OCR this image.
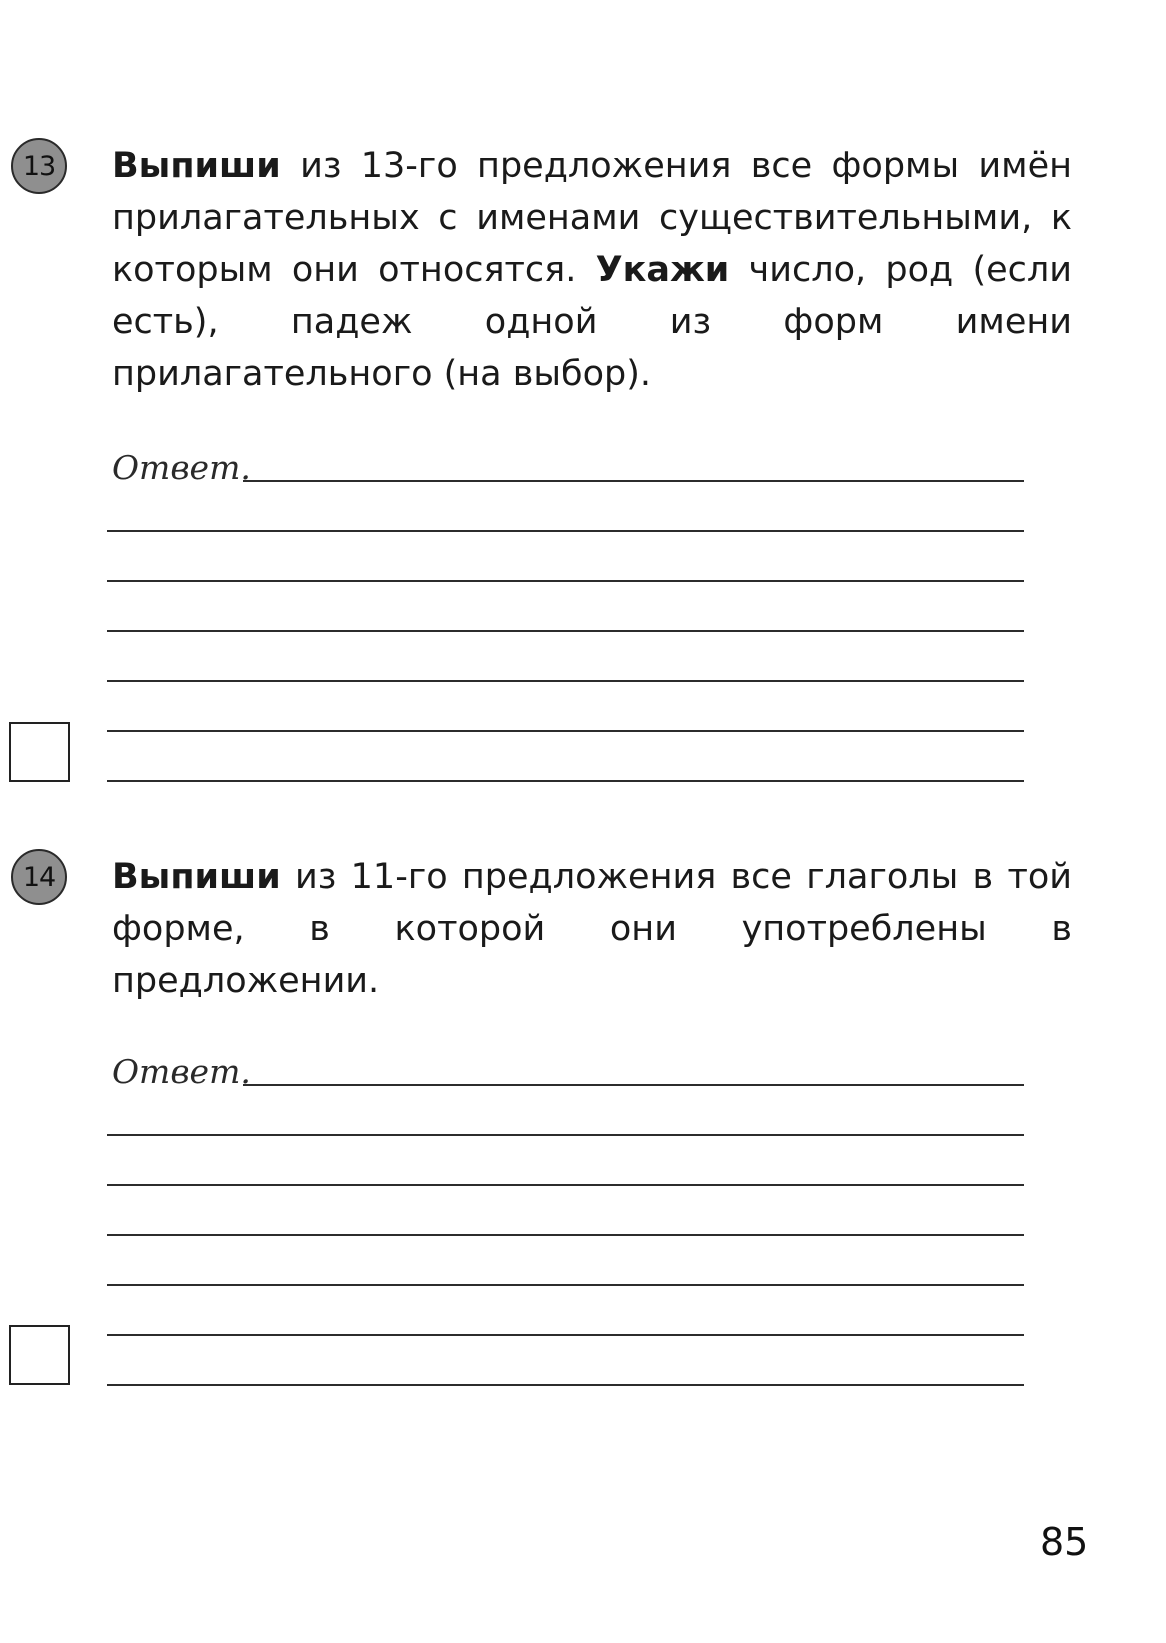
13	Выпиши из 13-го предложения все формы имён прилагательных с именами существительными, к которым они относятся. Укажи число, род (если есть), падеж одной из форм имени прилагательного (на выбор).

Ответ.
14	Выпиши из 11-го предложения все глаголы в той форме, в которой они употреблены в предложении.

Ответ.
85
